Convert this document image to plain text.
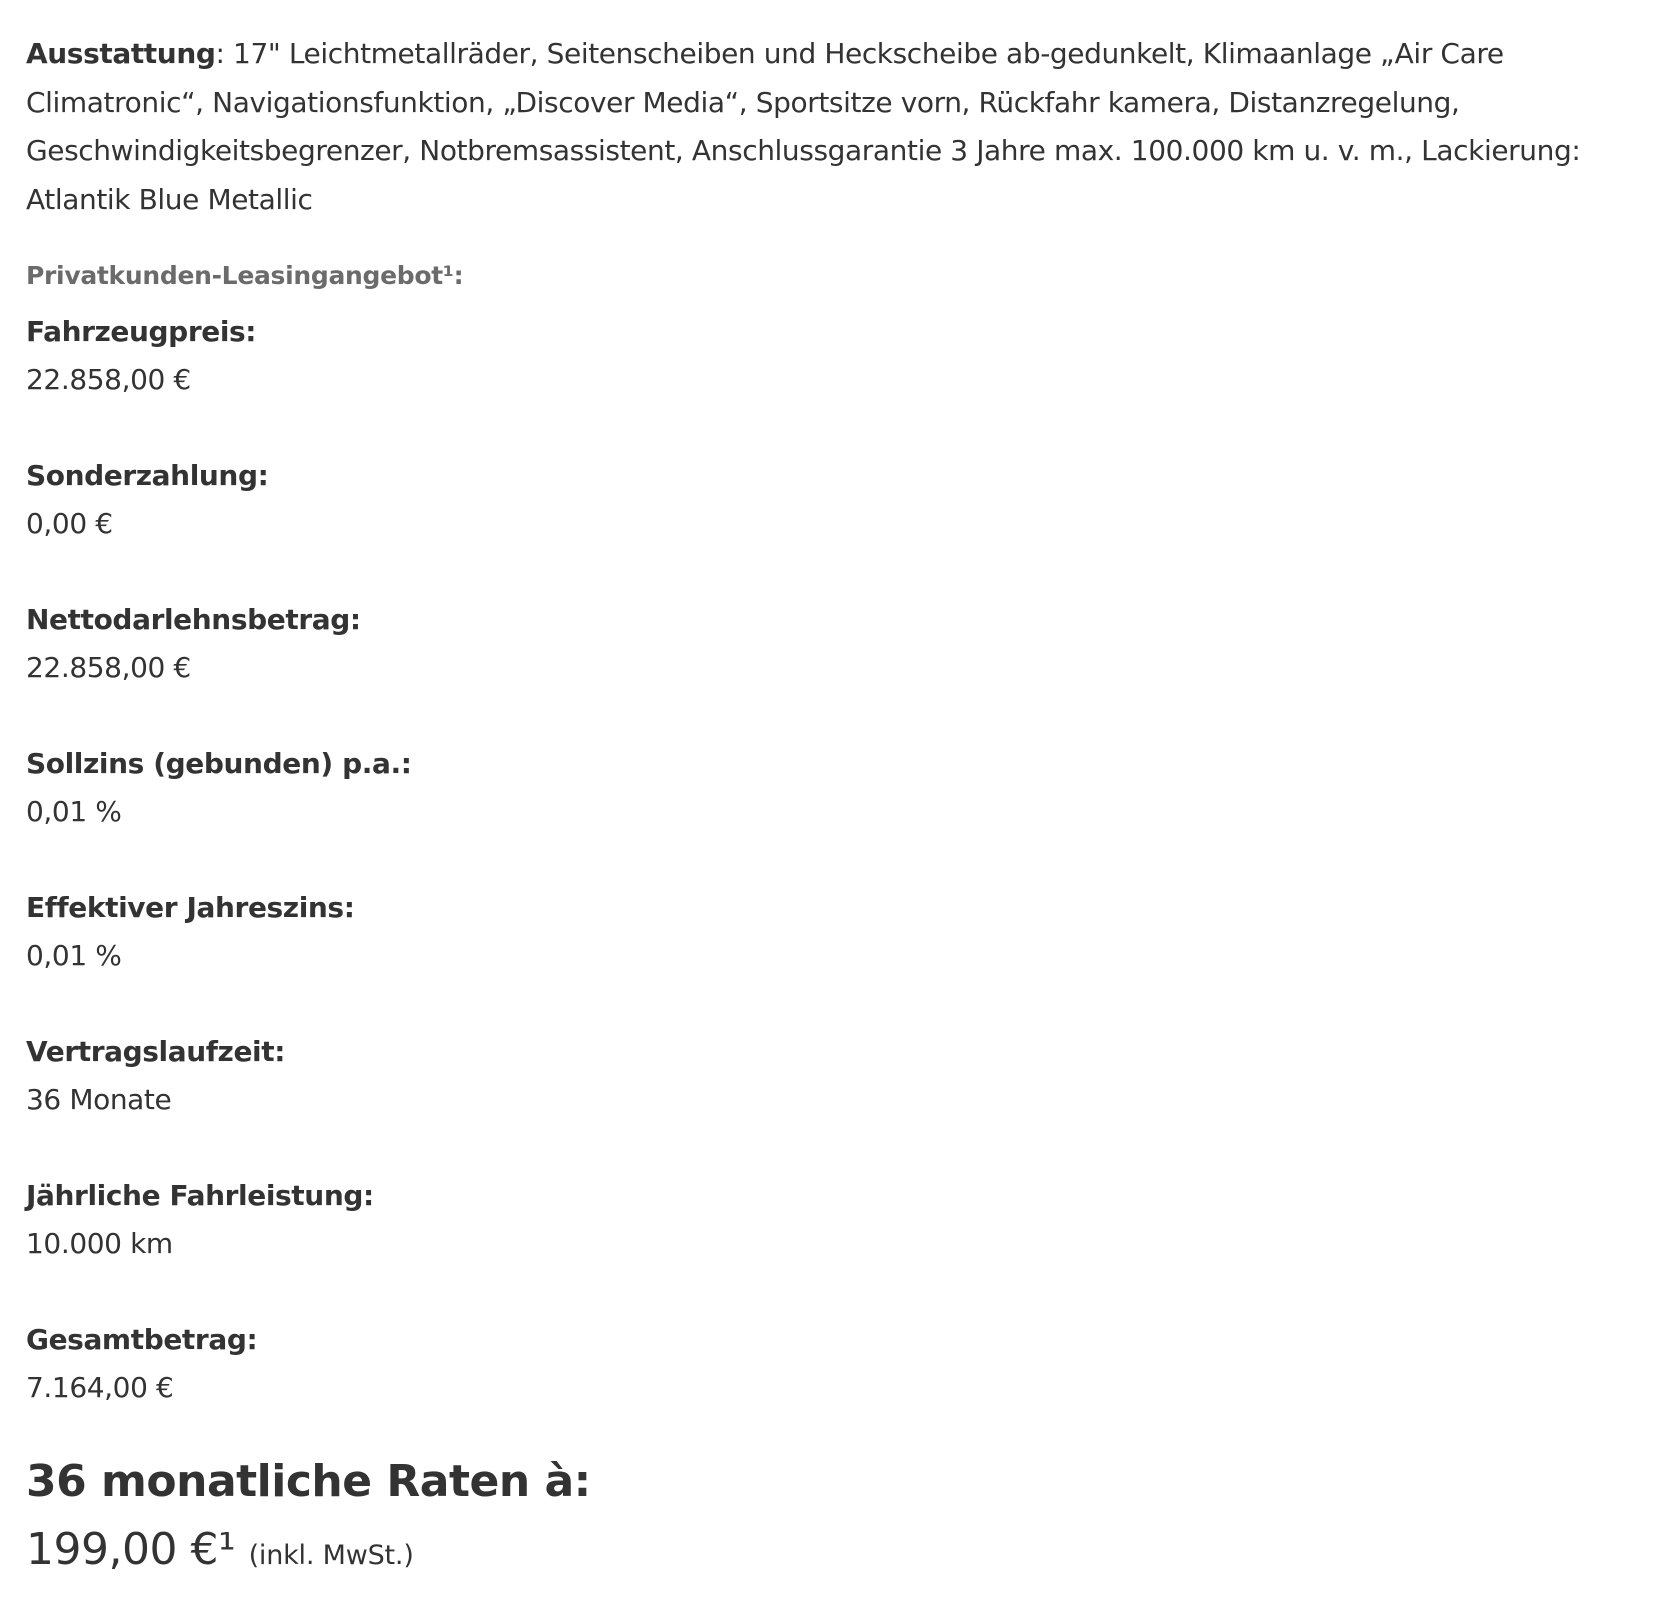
Ausstattung: 17" Leichtmetallräder, Seitenscheiben und Heckscheibe ab-gedunkelt, Klimaanlage „Air Care Climatronic“, Navigationsfunktion, „Discover Media“, Sportsitze vorn, Rückfahr kamera, Distanzregelung, Geschwindigkeitsbegrenzer, Notbremsassistent, Anschlussgarantie 3 Jahre max. 100.000 km u. v. m., Lackierung: Atlantik Blue Metallic

Privatkunden-Leasingangebot¹:
Fahrzeugpreis:
22.858,00 €
Sonderzahlung:
0,00 €
Nettodarlehnsbetrag:
22.858,00 €
Sollzins (gebunden) p.a.:
0,01 %
Effektiver Jahreszins:
0,01 %
Vertragslaufzeit:
36 Monate
Jährliche Fahrleistung:
10.000 km
Gesamtbetrag:
7.164,00 €
36 monatliche Raten à:
199,00 €¹ (inkl. MwSt.)
